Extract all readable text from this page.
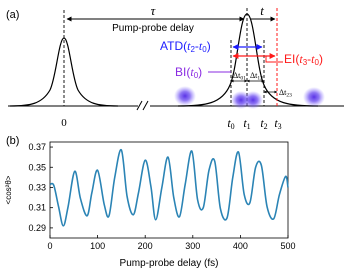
(a)	τ
Pump-probe delay
t
ATD(t2-t0)
EI(t3-t0)
BI(t0)	Δt01 Δt12
Δt23
0	t0 t1 t2 t3
(b)
0.29
0.31
0.33
0.35
0.37
0	100	200	300	400	500
Pump-probe delay (fs)
<cos²θ>
